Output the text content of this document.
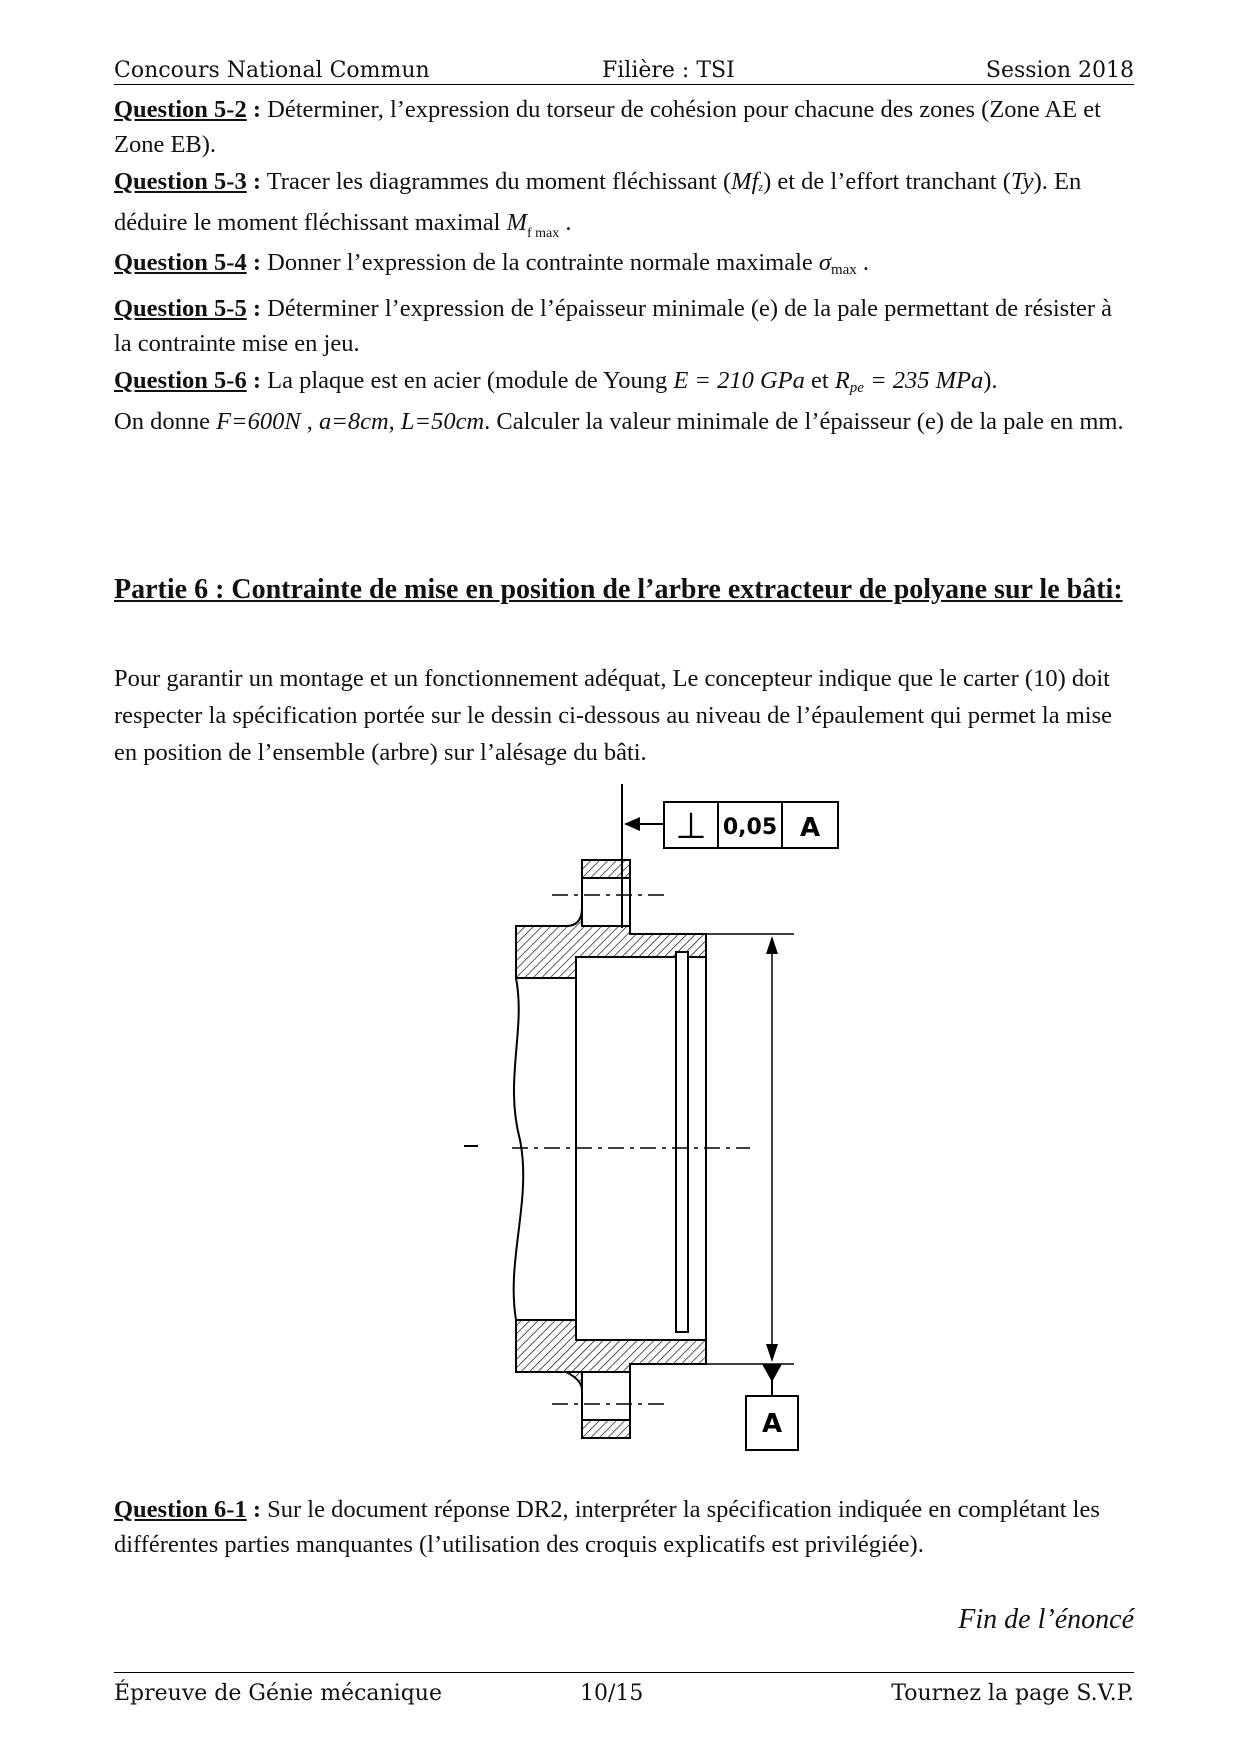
Concours National Commun	Filière : TSI	Session 2018

Question 5-2 : Déterminer, l’expression du torseur de cohésion pour chacune des zones (Zone AE et Zone EB).

Question 5-3 : Tracer les diagrammes du moment fléchissant (Mfz) et de l’effort tranchant (Ty). En déduire le moment fléchissant maximal $M_{f max}$ .

Question 5-4 : Donner l’expression de la contrainte normale maximale $\sigma_{max}$ .

Question 5-5 : Déterminer l’expression de l’épaisseur minimale (e) de la pale permettant de résister à la contrainte mise en jeu.

Question 5-6 : La plaque est en acier (module de Young E = 210 GPa et $R_{pe} = 235$ MPa).

On donne F=600N , a=8cm, L=50cm. Calculer la valeur minimale de l’épaisseur (e) de la pale en mm.

Partie 6 : Contrainte de mise en position de l’arbre extracteur de polyane sur le bâti:

Pour garantir un montage et un fonctionnement adéquat, Le concepteur indique que le carter (10) doit respecter la spécification portée sur le dessin ci-dessous au niveau de l’épaulement qui permet la mise en position de l’ensemble (arbre) sur l’alésage du bâti.

⊥ 0,05 A
A

Question 6-1 : Sur le document réponse DR2, interpréter la spécification indiquée en complétant les différentes parties manquantes (l’utilisation des croquis explicatifs est privilégiée).

Fin de l’énoncé

Épreuve de Génie mécanique	10/15	Tournez la page S.V.P.
